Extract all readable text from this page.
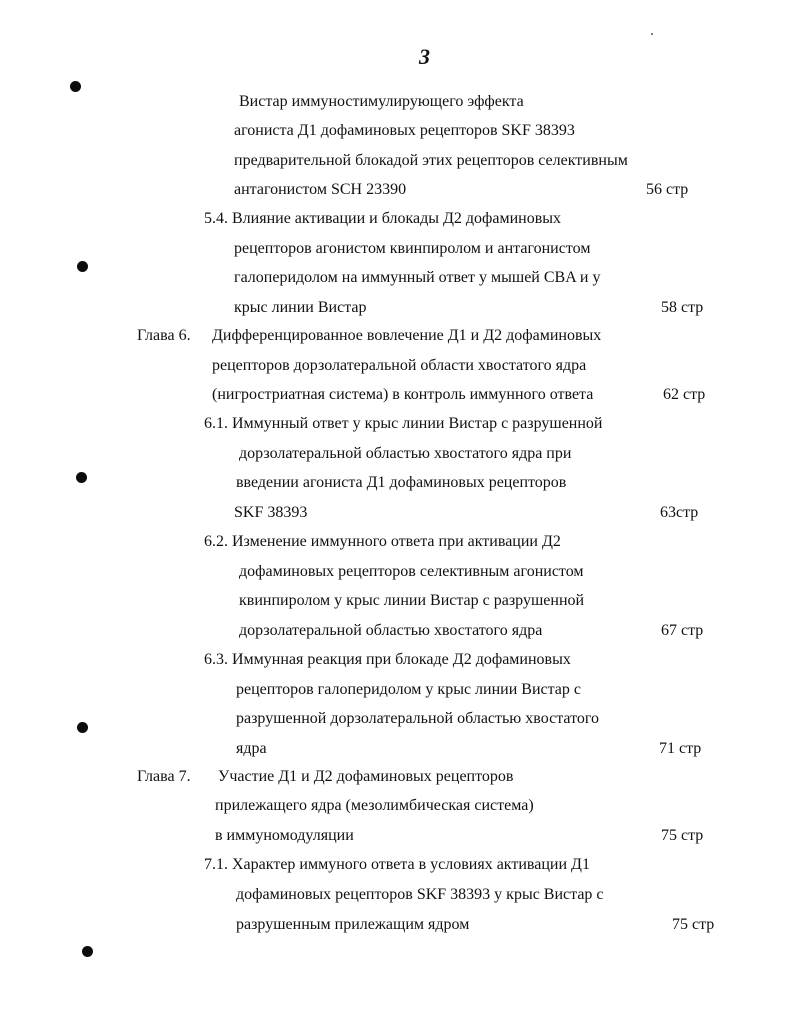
3
Вистар иммуностимулирующего эффекта
агониста Д1 дофаминовых рецепторов SKF 38393
предварительной блокадой этих рецепторов селективным
антагонистом SCH 23390	56 стр
5.4. Влияние активации и блокады Д2 дофаминовых
рецепторов агонистом квинпиролом и антагонистом
галоперидолом на иммунный ответ у мышей CBA и у
крыс линии Вистар	58 стр
Глава 6. Дифференцированное вовлечение Д1 и Д2 дофаминовых
рецепторов дорзолатеральной области хвостатого ядра
(нигростриатная система) в контроль иммунного ответа	62 стр
6.1. Иммунный ответ у крыс линии Вистар с разрушенной
дорзолатеральной областью хвостатого ядра при
введении агониста Д1 дофаминовых рецепторов
SKF 38393	63стр
6.2. Изменение иммунного ответа при активации Д2
дофаминовых рецепторов селективным агонистом
квинпиролом у крыс линии Вистар с разрушенной
дорзолатеральной областью хвостатого ядра	67 стр
6.3. Иммунная реакция при блокаде Д2 дофаминовых
рецепторов галоперидолом у крыс линии Вистар с
разрушенной дорзолатеральной областью хвостатого
ядра	71 стр
Глава 7. Участие Д1 и Д2 дофаминовых рецепторов
прилежащего ядра (мезолимбическая система)
в иммуномодуляции	75 стр
7.1. Характер иммуного ответа в условиях активации Д1
дофаминовых рецепторов SKF 38393 у крыс Вистар с
разрушенным прилежащим ядром	75 стр
